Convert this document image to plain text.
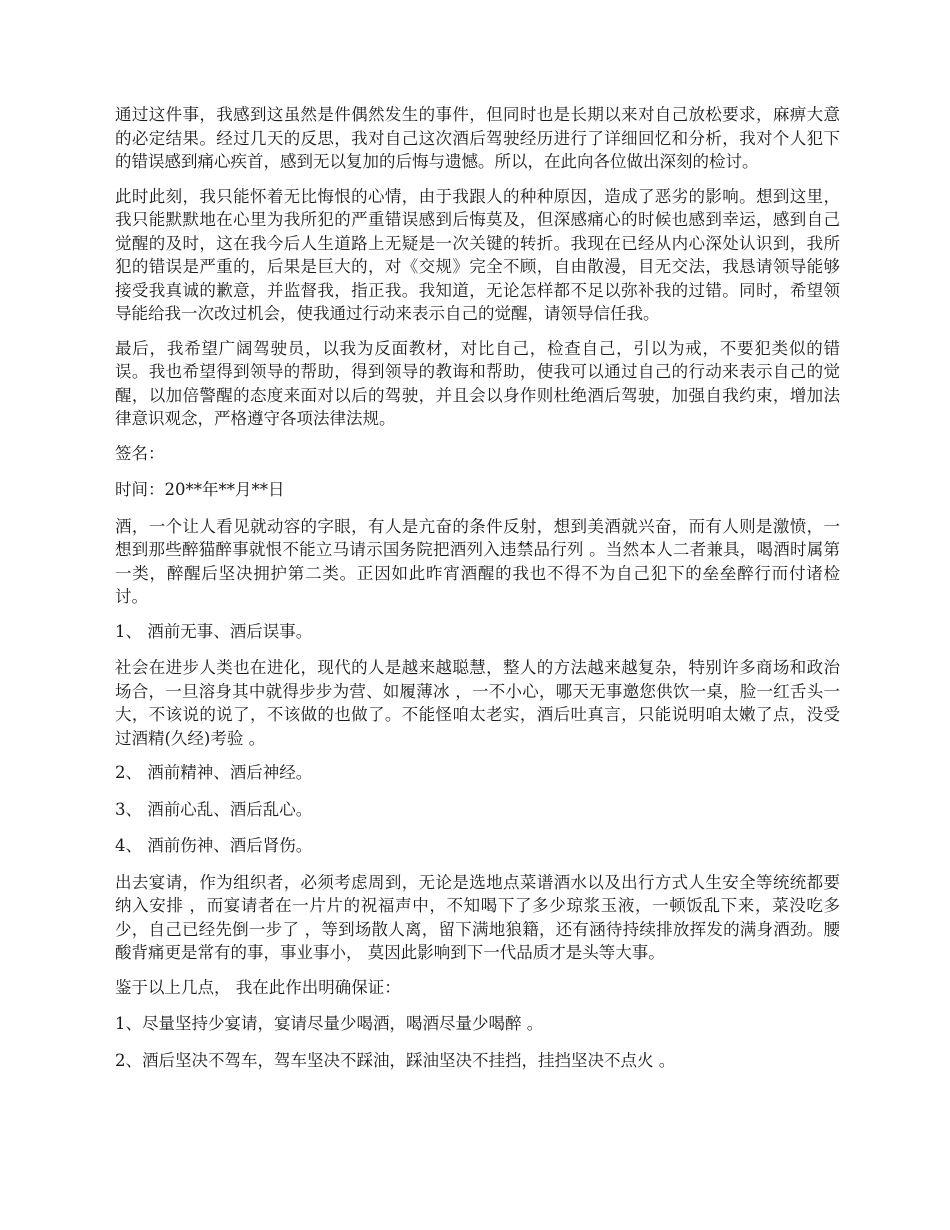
通过这件事，我感到这虽然是件偶然发生的事件，但同时也是长期以来对自己放松要求，麻痹大意的必定结果。经过几天的反思，我对自己这次酒后驾驶经历进行了详细回忆和分析，我对个人犯下的错误感到痛心疾首，感到无以复加的后悔与遗憾。所以，在此向各位做出深刻的检讨。

此时此刻，我只能怀着无比悔恨的心情，由于我跟人的种种原因，造成了恶劣的影响。想到这里，我只能默默地在心里为我所犯的严重错误感到后悔莫及，但深感痛心的时候也感到幸运，感到自己觉醒的及时，这在我今后人生道路上无疑是一次关键的转折。我现在已经从内心深处认识到，我所犯的错误是严重的，后果是巨大的，对《交规》完全不顾，自由散漫，目无交法，我恳请领导能够接受我真诚的歉意，并监督我，指正我。我知道，无论怎样都不足以弥补我的过错。同时，希望领导能给我一次改过机会，使我通过行动来表示自己的觉醒，请领导信任我。

最后，我希望广阔驾驶员，以我为反面教材，对比自己，检查自己，引以为戒，不要犯类似的错误。我也希望得到领导的帮助，得到领导的教诲和帮助，使我可以通过自己的行动来表示自己的觉醒，以加倍警醒的态度来面对以后的驾驶，并且会以身作则杜绝酒后驾驶，加强自我约束，增加法律意识观念，严格遵守各项法律法规。

签名：

时间：20**年**月**日

酒，一个让人看见就动容的字眼，有人是亢奋的条件反射，想到美酒就兴奋，而有人则是激愤，一想到那些醉猫醉事就恨不能立马请示国务院把酒列入违禁品行列 。当然本人二者兼具，喝酒时属第一类，醉醒后坚决拥护第二类。正因如此昨宵酒醒的我也不得不为自己犯下的垒垒醉行而付诸检讨。

1、 酒前无事、酒后误事。

社会在进步人类也在进化，现代的人是越来越聪慧，整人的方法越来越复杂，特别许多商场和政治场合，一旦溶身其中就得步步为营、如履薄冰 ，一不小心，哪天无事邀您供饮一桌，脸一红舌头一大，不该说的说了，不该做的也做了。不能怪咱太老实，酒后吐真言，只能说明咱太嫩了点，没受过酒精(久经)考验 。

2、 酒前精神、酒后神经。

3、 酒前心乱、酒后乱心。

4、 酒前伤神、酒后肾伤。

出去宴请，作为组织者，必须考虑周到，无论是选地点菜谱酒水以及出行方式人生安全等统统都要纳入安排 ，而宴请者在一片片的祝福声中，不知喝下了多少琼浆玉液，一顿饭乱下来，菜没吃多少，自己已经先倒一步了 ，等到场散人离，留下满地狼籍，还有涵待持续排放挥发的满身酒劲。腰酸背痛更是常有的事，事业事小， 莫因此影响到下一代品质才是头等大事。

鉴于以上几点， 我在此作出明确保证：

1、尽量坚持少宴请，宴请尽量少喝酒，喝酒尽量少喝醉 。

2、酒后坚决不驾车，驾车坚决不踩油，踩油坚决不挂挡，挂挡坚决不点火 。
